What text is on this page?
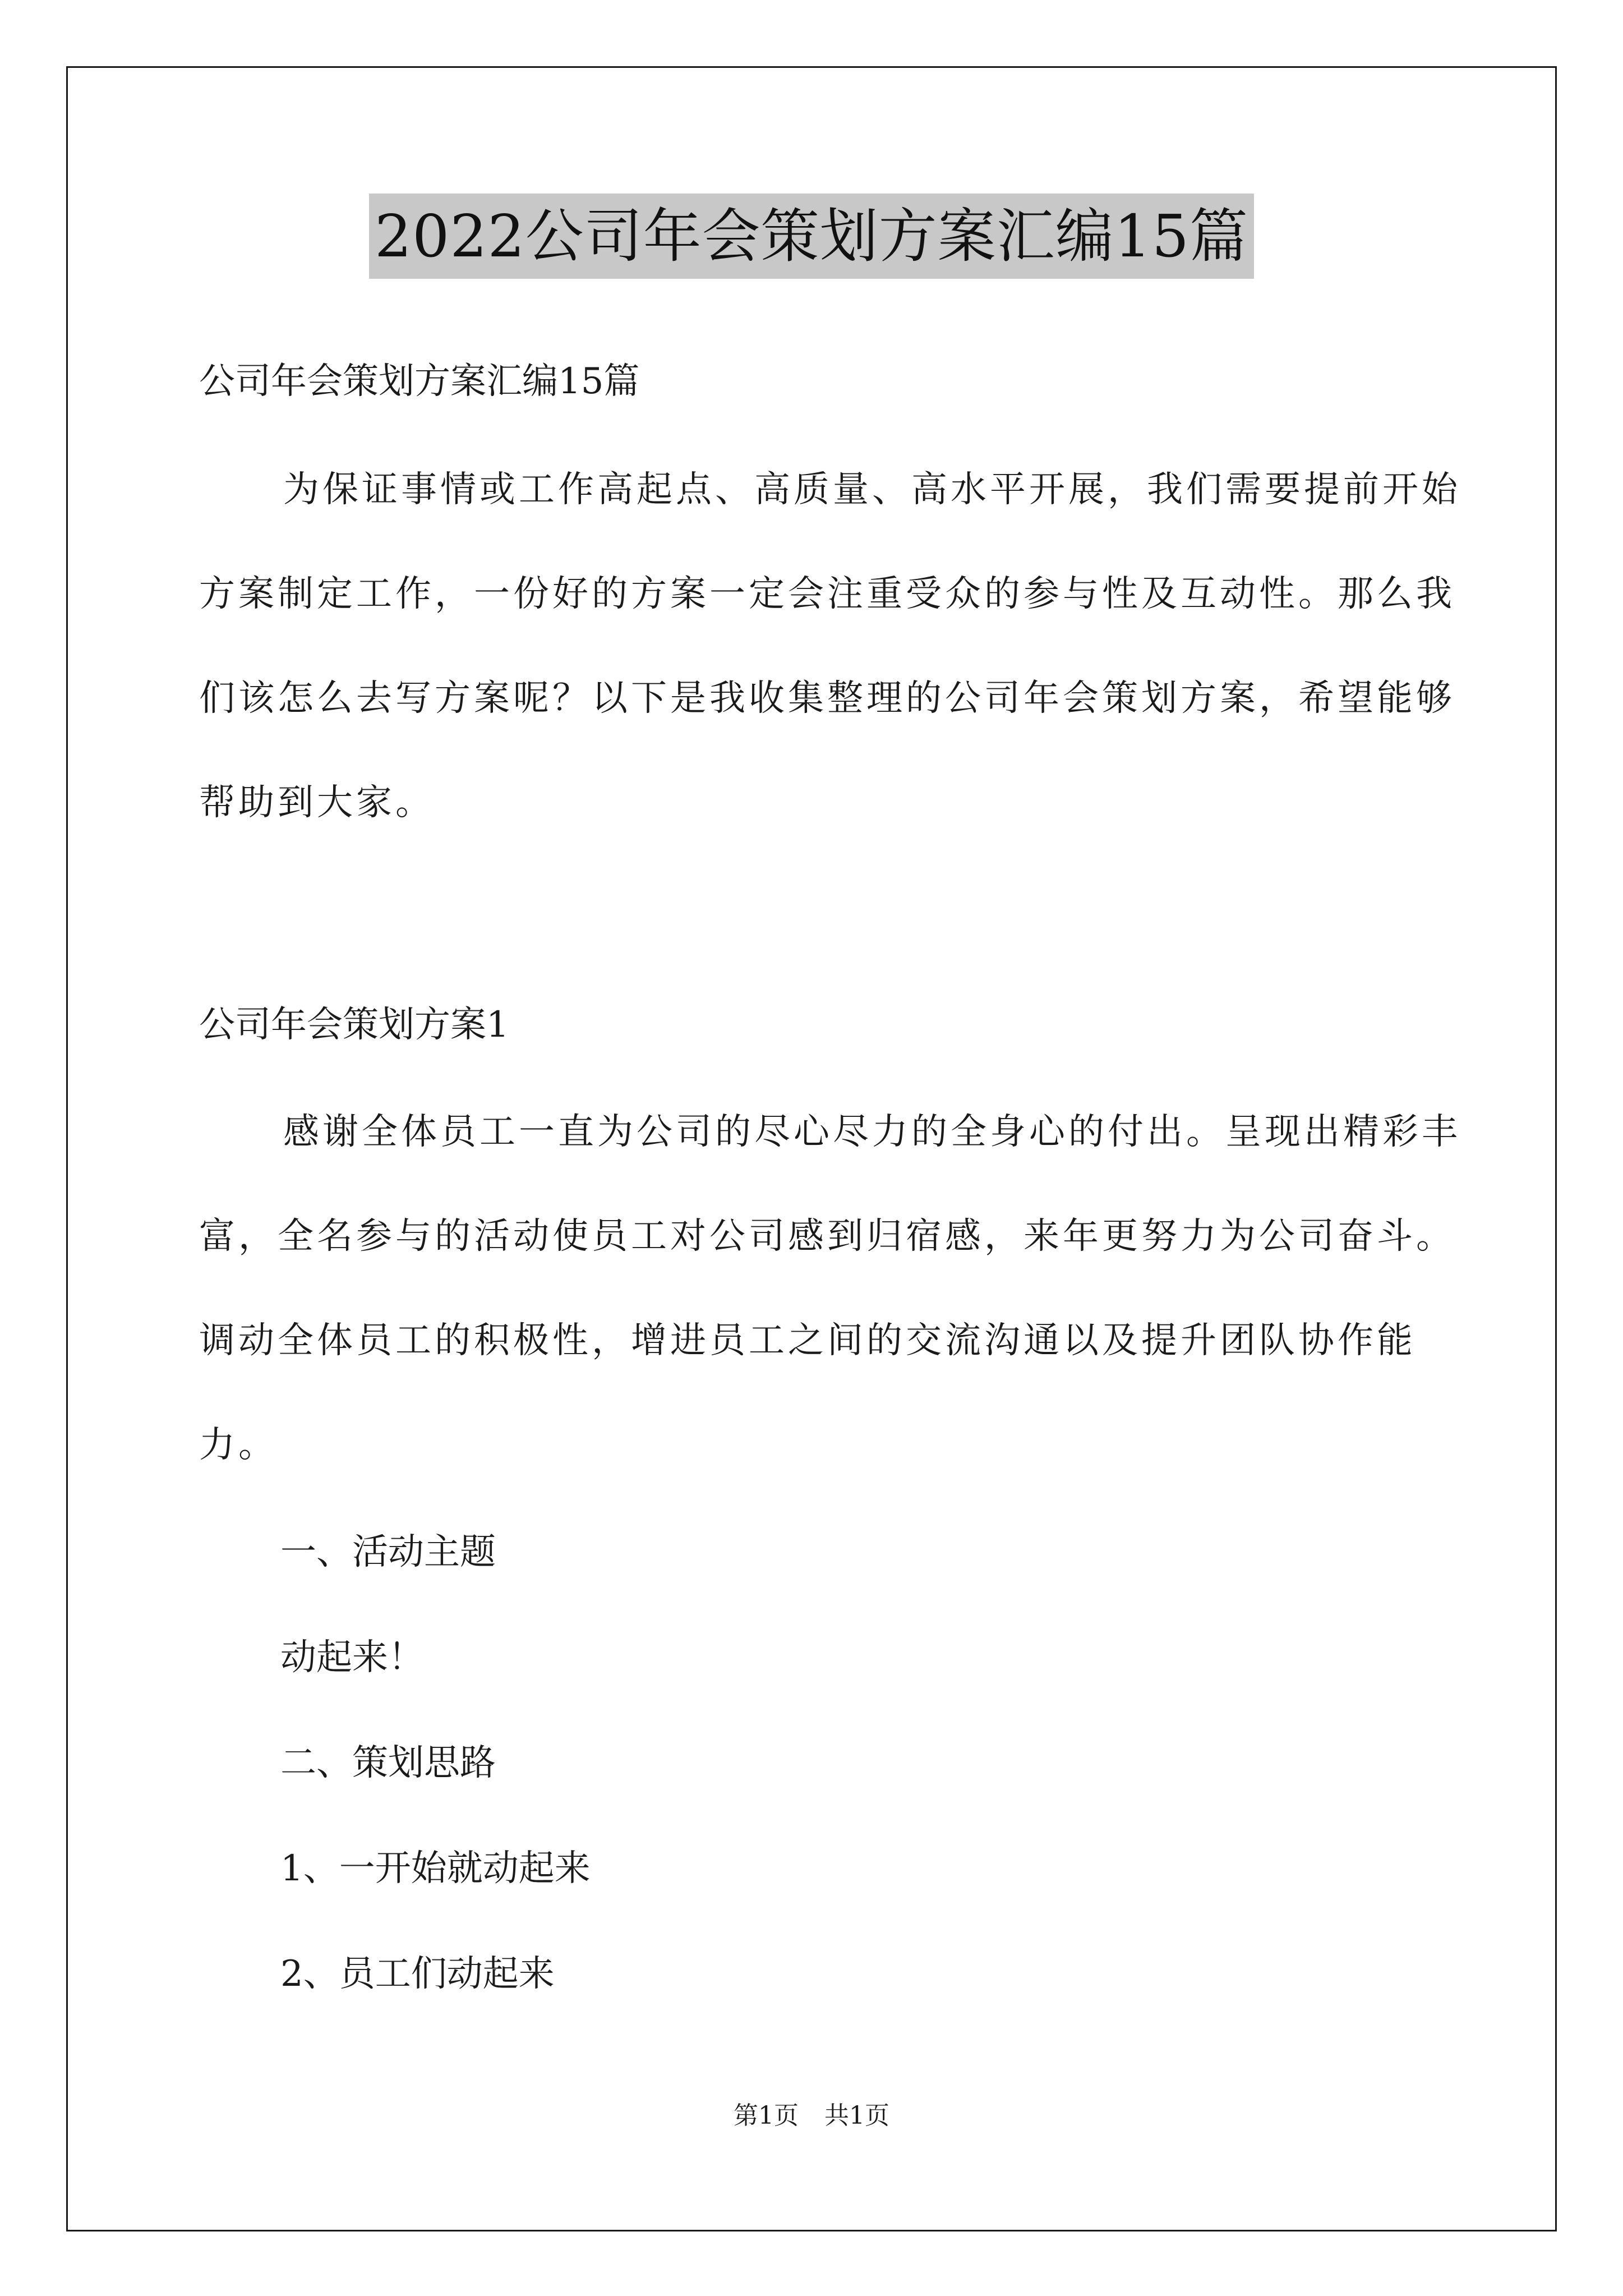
2022公司年会策划方案汇编15篇
公司年会策划方案汇编15篇
为保证事情或工作高起点、高质量、高水平开展，我们需要提前开始方案制定工作，一份好的方案一定会注重受众的参与性及互动性。那么我们该怎么去写方案呢？以下是我收集整理的公司年会策划方案，希望能够帮助到大家。
公司年会策划方案1
感谢全体员工一直为公司的尽心尽力的全身心的付出。呈现出精彩丰富，全名参与的活动使员工对公司感到归宿感，来年更努力为公司奋斗。调动全体员工的积极性，增进员工之间的交流沟通以及提升团队协作能力。
一、活动主题
动起来！
二、策划思路
1、一开始就动起来
2、员工们动起来
第1页 共1页
